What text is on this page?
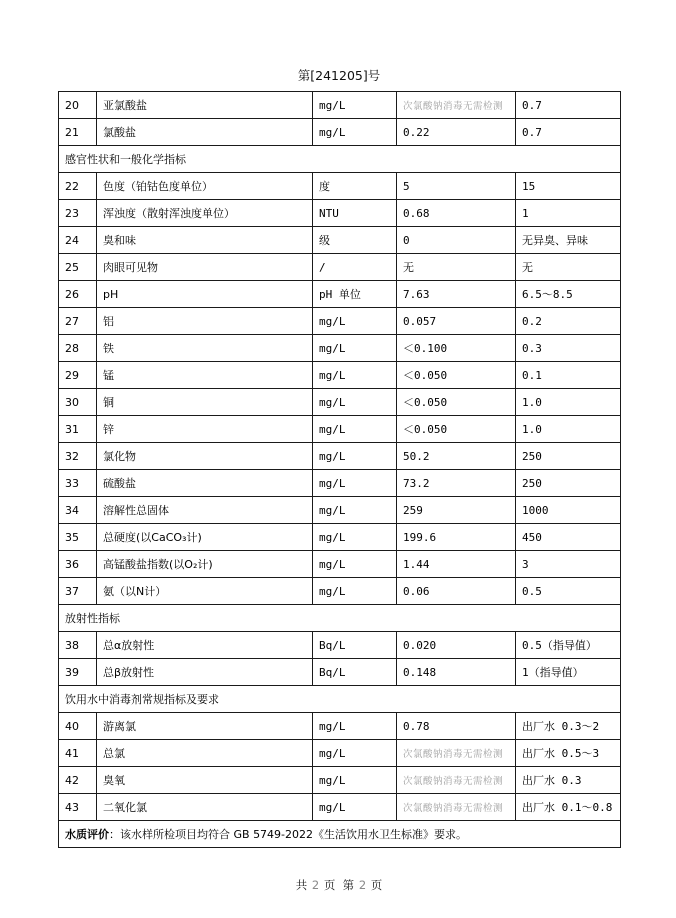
第[241205]号
20	亚氯酸盐	mg/L	次氯酸钠消毒无需检测	0.7
21	氯酸盐	mg/L	0.22	0.7
感官性状和一般化学指标				
22	色度（铂钴色度单位）	度	5	15
23	浑浊度（散射浑浊度单位）	NTU	0.68	1
24	臭和味	级	0	无异臭、异味
25	肉眼可见物	/	无	无
26	pH	pH 单位	7.63	6.5～8.5
27	铝	mg/L	0.057	0.2
28	铁	mg/L	＜0.100	0.3
29	锰	mg/L	＜0.050	0.1
30	铜	mg/L	＜0.050	1.0
31	锌	mg/L	＜0.050	1.0
32	氯化物	mg/L	50.2	250
33	硫酸盐	mg/L	73.2	250
34	溶解性总固体	mg/L	259	1000
35	总硬度(以CaCO₃计)	mg/L	199.6	450
36	高锰酸盐指数(以O₂计)	mg/L	1.44	3
37	氨（以N计）	mg/L	0.06	0.5
放射性指标				
38	总α放射性	Bq/L	0.020	0.5（指导值）
39	总β放射性	Bq/L	0.148	1（指导值）
饮用水中消毒剂常规指标及要求				
40	游离氯	mg/L	0.78	出厂水 0.3～2
41	总氯	mg/L	次氯酸钠消毒无需检测	出厂水 0.5～3
42	臭氧	mg/L	次氯酸钠消毒无需检测	出厂水 0.3
43	二氧化氯	mg/L	次氯酸钠消毒无需检测	出厂水 0.1～0.8
水质评价：该水样所检项目均符合 GB 5749-2022《生活饮用水卫生标准》要求。				
共 2 页 第 2 页
